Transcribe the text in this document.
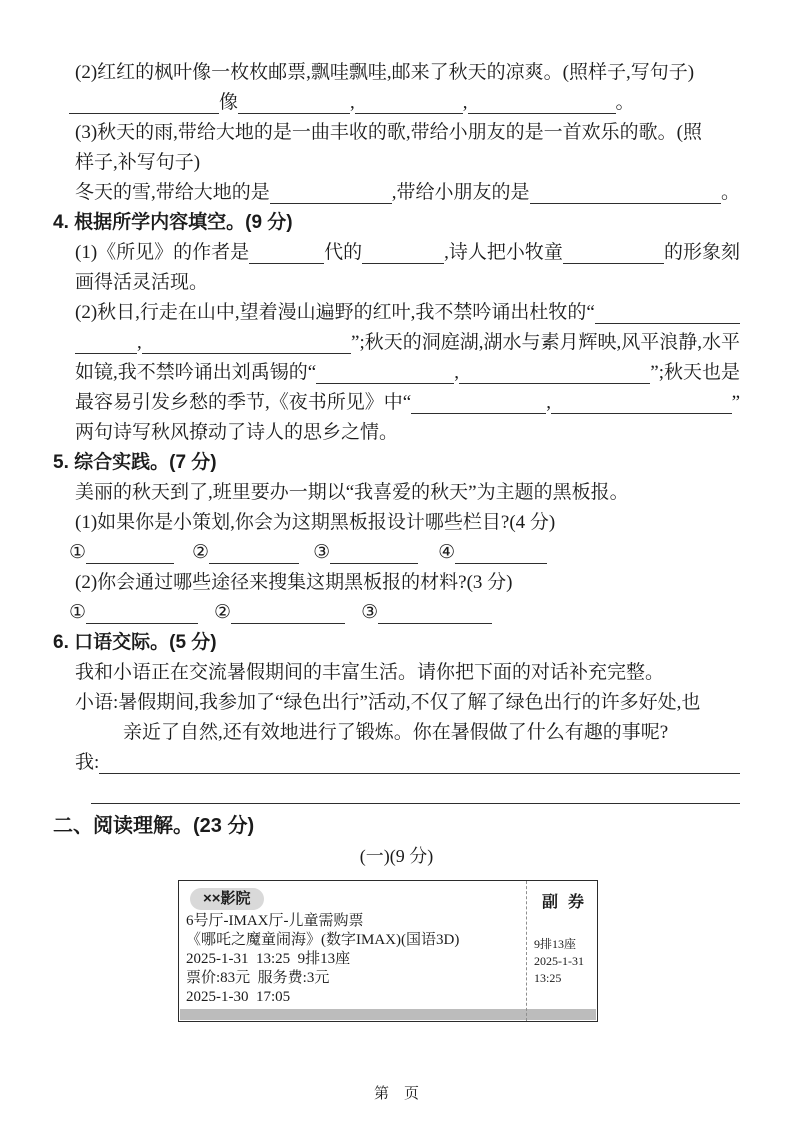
(2)红红的枫叶像一枚枚邮票,飘哇飘哇,邮来了秋天的凉爽。(照样子,写句子)
像	,	,	。
(3)秋天的雨,带给大地的是一曲丰收的歌,带给小朋友的是一首欢乐的歌。(照
样子,补写句子)
冬天的雪,带给大地的是	,带给小朋友的是	。
4. 根据所学内容填空。(9 分)
(1)《所见》的作者是	代的	,诗人把小牧童	的形象刻
画得活灵活现。
(2)秋日,行走在山中,望着漫山遍野的红叶,我不禁吟诵出杜牧的“
,	”;秋天的洞庭湖,湖水与素月辉映,风平浪静,水平
如镜,我不禁吟诵出刘禹锡的“	,	”;秋天也是
最容易引发乡愁的季节,《夜书所见》中“	,	”
两句诗写秋风撩动了诗人的思乡之情。
5. 综合实践。(7 分)
美丽的秋天到了,班里要办一期以“我喜爱的秋天”为主题的黑板报。
(1)如果你是小策划,你会为这期黑板报设计哪些栏目?(4 分)
①	②	③	④
(2)你会通过哪些途径来搜集这期黑板报的材料?(3 分)
①	②	③
6. 口语交际。(5 分)
我和小语正在交流暑假期间的丰富生活。请你把下面的对话补充完整。
小语:暑假期间,我参加了“绿色出行”活动,不仅了解了绿色出行的许多好处,也
亲近了自然,还有效地进行了锻炼。你在暑假做了什么有趣的事呢?
我:
二、阅读理解。(23 分)
(一)(9 分)
××影院
6号厅-IMAX厅-儿童需购票
《哪吒之魔童闹海》(数字IMAX)(国语3D)
2025-1-31  13:25  9排13座
票价:83元  服务费:3元
2025-1-30  17:05
副 券
9排13座
2025-1-31
13:25
第　页
